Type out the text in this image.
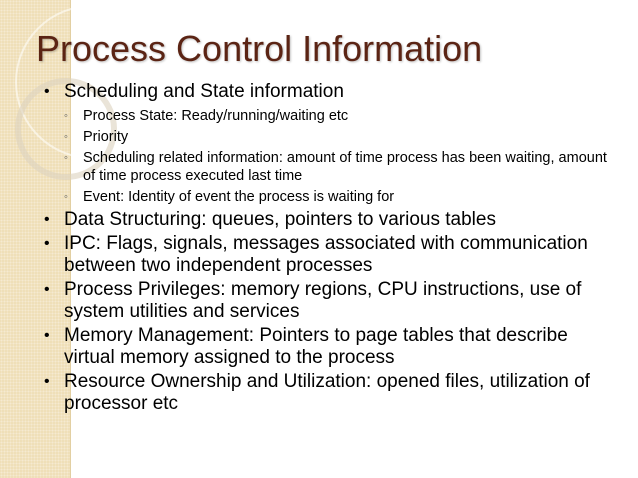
Process Control Information
• Scheduling and State information
◦ Process State: Ready/running/waiting etc
◦ Priority
◦ Scheduling related information: amount of time process has been waiting, amount of time process executed last time
◦ Event: Identity of event the process is waiting for
• Data Structuring: queues, pointers to various tables
• IPC: Flags, signals, messages associated with communication between two independent processes
• Process Privileges: memory regions, CPU instructions, use of system utilities and services
• Memory Management: Pointers to page tables that describe virtual memory assigned to the process
• Resource Ownership and Utilization: opened files, utilization of processor etc
